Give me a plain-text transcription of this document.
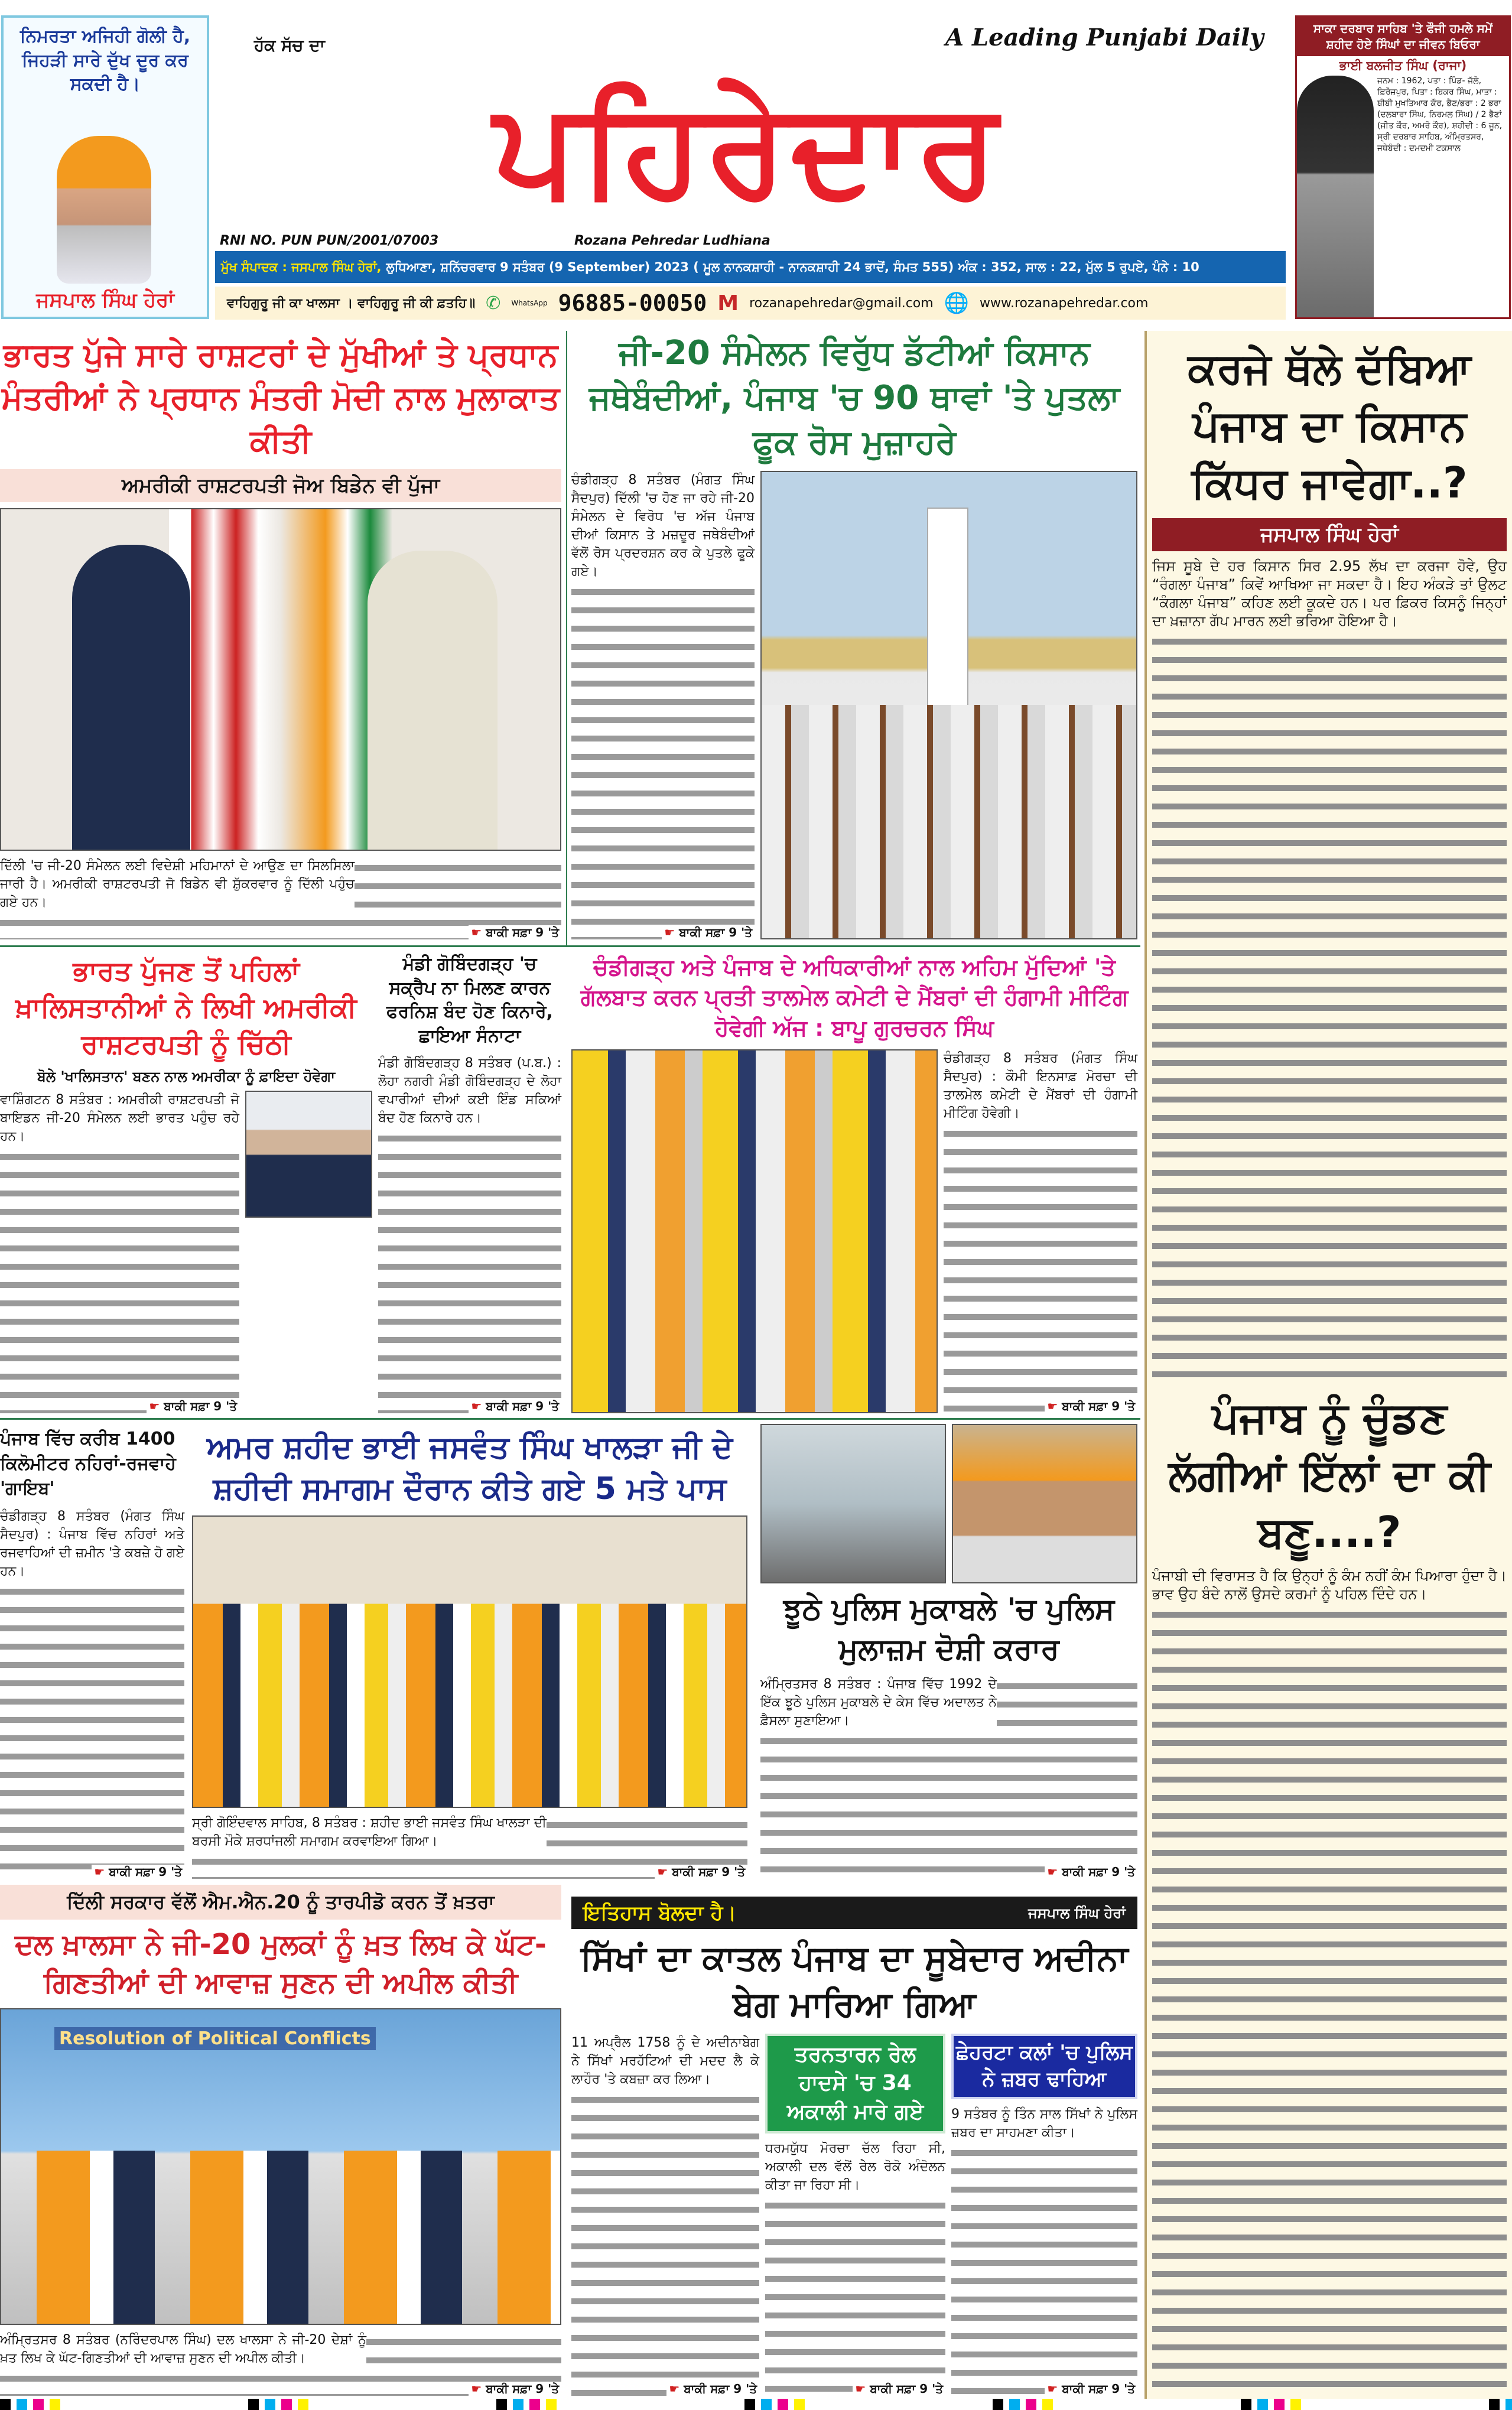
ਨਿਮਰਤਾ ਅਜਿਹੀ ਗੋਲੀ ਹੈ, ਜਿਹੜੀ ਸਾਰੇ ਦੁੱਖ ਦੂਰ ਕਰ ਸਕਦੀ ਹੈ।
ਜਸਪਾਲ ਸਿੰਘ ਹੇਰਾਂ
ਹੱਕ ਸੱਚ ਦਾ	A Leading Punjabi Daily
ਪਹਿਰੇਦਾਰ
RNI NO. PUN PUN/2001/07003	Rozana Pehredar Ludhiana
ਮੁੱਖ ਸੰਪਾਦਕ : ਜਸਪਾਲ ਸਿੰਘ ਹੇਰਾਂ, ਲੁਧਿਆਣਾ, ਸ਼ਨਿੱਚਰਵਾਰ 9 ਸਤੰਬਰ (9 September) 2023 ( ਮੂਲ ਨਾਨਕਸ਼ਾਹੀ - ਨਾਨਕਸ਼ਾਹੀ 24 ਭਾਦੋਂ, ਸੰਮਤ 555) ਅੰਕ : 352, ਸਾਲ : 22, ਮੁੱਲ 5 ਰੁਪਏ, ਪੰਨੇ : 10
ਵਾਹਿਗੁਰੂ ਜੀ ਕਾ ਖਾਲਸਾ । ਵਾਹਿਗੁਰੂ ਜੀ ਕੀ ਫ਼ਤਹਿ॥ ✆ WhatsApp 96885-00050 M rozanapehredar@gmail.com 🌐 www.rozanapehredar.com
ਸਾਕਾ ਦਰਬਾਰ ਸਾਹਿਬ 'ਤੇ ਫੌਜੀ ਹਮਲੇ ਸਮੇਂ ਸ਼ਹੀਦ ਹੋਏ ਸਿੰਘਾਂ ਦਾ ਜੀਵਨ ਬਿਓਰਾ
ਭਾਈ ਬਲਜੀਤ ਸਿੰਘ (ਰਾਜਾ)
ਜਨਮ : 1962, ਪਤਾ : ਪਿੰਡ- ਜੱਲੋ, ਫ਼ਿਰੋਜ਼ਪੁਰ, ਪਿਤਾ : ਬਿਕਰ ਸਿੰਘ, ਮਾਤਾ : ਬੀਬੀ ਮੁਖਤਿਆਰ ਕੌਰ, ਭੈਣ/ਭਰਾ : 2 ਭਰਾ (ਦਲਬਾਰਾ ਸਿੰਘ, ਨਿਰਮਲ ਸਿੰਘ) / 2 ਭੈਣਾਂ (ਜੀਤ ਕੌਰ, ਅਮਰੋ ਕੌਰ), ਸ਼ਹੀਦੀ : 6 ਜੂਨ, ਸ੍ਰੀ ਦਰਬਾਰ ਸਾਹਿਬ, ਅੰਮ੍ਰਿਤਸਰ, ਜਥੇਬੰਦੀ : ਦਮਦਮੀ ਟਕਸਾਲ
ਭਾਰਤ ਪੁੱਜੇ ਸਾਰੇ ਰਾਸ਼ਟਰਾਂ ਦੇ ਮੁੱਖੀਆਂ ਤੇ ਪ੍ਰਧਾਨ ਮੰਤਰੀਆਂ ਨੇ ਪ੍ਰਧਾਨ ਮੰਤਰੀ ਮੋਦੀ ਨਾਲ ਮੁਲਾਕਾਤ ਕੀਤੀ
ਅਮਰੀਕੀ ਰਾਸ਼ਟਰਪਤੀ ਜੋਅ ਬਿਡੇਨ ਵੀ ਪੁੱਜਾ
ਦਿੱਲੀ 'ਚ ਜੀ-20 ਸੰਮੇਲਨ ਲਈ ਵਿਦੇਸ਼ੀ ਮਹਿਮਾਨਾਂ ਦੇ ਆਉਣ ਦਾ ਸਿਲਸਿਲਾ ਜਾਰੀ ਹੈ। ਅਮਰੀਕੀ ਰਾਸ਼ਟਰਪਤੀ ਜੋ ਬਿਡੇਨ ਵੀ ਸ਼ੁੱਕਰਵਾਰ ਨੂੰ ਦਿੱਲੀ ਪਹੁੰਚ ਗਏ ਹਨ।
☛ ਬਾਕੀ ਸਫ਼ਾ 9 'ਤੇ
ਜੀ-20 ਸੰਮੇਲਨ ਵਿਰੁੱਧ ਡੱਟੀਆਂ ਕਿਸਾਨ ਜਥੇਬੰਦੀਆਂ, ਪੰਜਾਬ 'ਚ 90 ਥਾਵਾਂ 'ਤੇ ਪੁਤਲਾ ਫੂਕ ਰੋਸ ਮੁਜ਼ਾਹਰੇ
ਚੰਡੀਗੜ੍ਹ 8 ਸਤੰਬਰ (ਮੰਗਤ ਸਿੰਘ ਸੈਦਪੁਰ) ਦਿੱਲੀ 'ਚ ਹੋਣ ਜਾ ਰਹੇ ਜੀ-20 ਸੰਮੇਲਨ ਦੇ ਵਿਰੋਧ 'ਚ ਅੱਜ ਪੰਜਾਬ ਦੀਆਂ ਕਿਸਾਨ ਤੇ ਮਜ਼ਦੂਰ ਜਥੇਬੰਦੀਆਂ ਵੱਲੋਂ ਰੋਸ ਪ੍ਰਦਰਸ਼ਨ ਕਰ ਕੇ ਪੁਤਲੇ ਫੂਕੇ ਗਏ।
☛ ਬਾਕੀ ਸਫ਼ਾ 9 'ਤੇ
ਕਰਜੇ ਥੱਲੇ ਦੱਬਿਆ ਪੰਜਾਬ ਦਾ ਕਿਸਾਨ ਕਿੱਧਰ ਜਾਵੇਗਾ..?
ਜਸਪਾਲ ਸਿੰਘ ਹੇਰਾਂ
ਜਿਸ ਸੂਬੇ ਦੇ ਹਰ ਕਿਸਾਨ ਸਿਰ 2.95 ਲੱਖ ਦਾ ਕਰਜਾ ਹੋਵੇ, ਉਹ “ਰੰਗਲਾ ਪੰਜਾਬ” ਕਿਵੇਂ ਆਖਿਆ ਜਾ ਸਕਦਾ ਹੈ। ਇਹ ਅੰਕੜੇ ਤਾਂ ਉਲਟ “ਕੰਗਲਾ ਪੰਜਾਬ” ਕਹਿਣ ਲਈ ਕੂਕਦੇ ਹਨ। ਪਰ ਫ਼ਿਕਰ ਕਿਸਨੂੰ ਜਿਨ੍ਹਾਂ ਦਾ ਖ਼ਜ਼ਾਨਾ ਗੱਪ ਮਾਰਨ ਲਈ ਭਰਿਆ ਹੋਇਆ ਹੈ।
ਪੰਜਾਬ ਨੂੰ ਚੂੰਡਣ ਲੱਗੀਆਂ ਇੱਲਾਂ ਦਾ ਕੀ ਬਣੂ....?
ਪੰਜਾਬੀ ਦੀ ਵਿਰਾਸਤ ਹੈ ਕਿ ਉਨ੍ਹਾਂ ਨੂੰ ਕੰਮ ਨਹੀਂ ਕੰਮ ਪਿਆਰਾ ਹੁੰਦਾ ਹੈ। ਭਾਵ ਉਹ ਬੰਦੇ ਨਾਲੋਂ ਉਸਦੇ ਕਰਮਾਂ ਨੂੰ ਪਹਿਲ ਦਿੰਦੇ ਹਨ।
ਭਾਰਤ ਪੁੱਜਣ ਤੋਂ ਪਹਿਲਾਂ ਖ਼ਾਲਿਸਤਾਨੀਆਂ ਨੇ ਲਿਖੀ ਅਮਰੀਕੀ ਰਾਸ਼ਟਰਪਤੀ ਨੂੰ ਚਿੱਠੀ
ਬੋਲੇ 'ਖਾਲਿਸਤਾਨ' ਬਣਨ ਨਾਲ ਅਮਰੀਕਾ ਨੂੰ ਫ਼ਾਇਦਾ ਹੋਵੇਗਾ
ਵਾਸ਼ਿੰਗਟਨ 8 ਸਤੰਬਰ : ਅਮਰੀਕੀ ਰਾਸ਼ਟਰਪਤੀ ਜੋ ਬਾਇਡਨ ਜੀ-20 ਸੰਮੇਲਨ ਲਈ ਭਾਰਤ ਪਹੁੰਚ ਰਹੇ ਹਨ।
☛ ਬਾਕੀ ਸਫ਼ਾ 9 'ਤੇ
ਮੰਡੀ ਗੋਬਿੰਦਗੜ੍ਹ 'ਚ ਸਕ੍ਰੈਪ ਨਾ ਮਿਲਣ ਕਾਰਨ ਫਰਨਿਸ਼ ਬੰਦ ਹੋਣ ਕਿਨਾਰੇ, ਛਾਇਆ ਸੰਨਾਟਾ
ਮੰਡੀ ਗੋਬਿੰਦਗੜ੍ਹ 8 ਸਤੰਬਰ (ਪ.ਬ.) : ਲੋਹਾ ਨਗਰੀ ਮੰਡੀ ਗੋਬਿੰਦਗੜ੍ਹ ਦੇ ਲੋਹਾ ਵਪਾਰੀਆਂ ਦੀਆਂ ਕਈ ਇੰਡ ਸਕਿਆਂ ਬੰਦ ਹੋਣ ਕਿਨਾਰੇ ਹਨ।
☛ ਬਾਕੀ ਸਫ਼ਾ 9 'ਤੇ
ਚੰਡੀਗੜ੍ਹ ਅਤੇ ਪੰਜਾਬ ਦੇ ਅਧਿਕਾਰੀਆਂ ਨਾਲ ਅਹਿਮ ਮੁੱਦਿਆਂ 'ਤੇ ਗੱਲਬਾਤ ਕਰਨ ਪ੍ਰਤੀ ਤਾਲਮੇਲ ਕਮੇਟੀ ਦੇ ਮੈਂਬਰਾਂ ਦੀ ਹੰਗਾਮੀ ਮੀਟਿੰਗ ਹੋਵੇਗੀ ਅੱਜ : ਬਾਪੂ ਗੁਰਚਰਨ ਸਿੰਘ
ਚੰਡੀਗੜ੍ਹ 8 ਸਤੰਬਰ (ਮੰਗਤ ਸਿੰਘ ਸੈਦਪੁਰ) : ਕੌਮੀ ਇਨਸਾਫ਼ ਮੋਰਚਾ ਦੀ ਤਾਲਮੇਲ ਕਮੇਟੀ ਦੇ ਮੈਂਬਰਾਂ ਦੀ ਹੰਗਾਮੀ ਮੀਟਿੰਗ ਹੋਵੇਗੀ।
☛ ਬਾਕੀ ਸਫ਼ਾ 9 'ਤੇ
ਪੰਜਾਬ ਵਿੱਚ ਕਰੀਬ 1400 ਕਿਲੋਮੀਟਰ ਨਹਿਰਾਂ-ਰਜਵਾਹੇ 'ਗਾਇਬ'
ਚੰਡੀਗੜ੍ਹ 8 ਸਤੰਬਰ (ਮੰਗਤ ਸਿੰਘ ਸੈਦਪੁਰ) : ਪੰਜਾਬ ਵਿੱਚ ਨਹਿਰਾਂ ਅਤੇ ਰਜਵਾਹਿਆਂ ਦੀ ਜ਼ਮੀਨ 'ਤੇ ਕਬਜ਼ੇ ਹੋ ਗਏ ਹਨ।
☛ ਬਾਕੀ ਸਫ਼ਾ 9 'ਤੇ
ਅਮਰ ਸ਼ਹੀਦ ਭਾਈ ਜਸਵੰਤ ਸਿੰਘ ਖਾਲੜਾ ਜੀ ਦੇ ਸ਼ਹੀਦੀ ਸਮਾਗਮ ਦੌਰਾਨ ਕੀਤੇ ਗਏ 5 ਮਤੇ ਪਾਸ
ਸ੍ਰੀ ਗੋਇੰਦਵਾਲ ਸਾਹਿਬ, 8 ਸਤੰਬਰ : ਸ਼ਹੀਦ ਭਾਈ ਜਸਵੰਤ ਸਿੰਘ ਖਾਲੜਾ ਦੀ ਬਰਸੀ ਮੌਕੇ ਸ਼ਰਧਾਂਜਲੀ ਸਮਾਗਮ ਕਰਵਾਇਆ ਗਿਆ।
☛ ਬਾਕੀ ਸਫ਼ਾ 9 'ਤੇ
ਝੂਠੇ ਪੁਲਿਸ ਮੁਕਾਬਲੇ 'ਚ ਪੁਲਿਸ ਮੁਲਾਜ਼ਮ ਦੋਸ਼ੀ ਕਰਾਰ
ਅੰਮ੍ਰਿਤਸਰ 8 ਸਤੰਬਰ : ਪੰਜਾਬ ਵਿੱਚ 1992 ਦੇ ਇੱਕ ਝੂਠੇ ਪੁਲਿਸ ਮੁਕਾਬਲੇ ਦੇ ਕੇਸ ਵਿੱਚ ਅਦਾਲਤ ਨੇ ਫ਼ੈਸਲਾ ਸੁਣਾਇਆ।
☛ ਬਾਕੀ ਸਫ਼ਾ 9 'ਤੇ
ਦਿੱਲੀ ਸਰਕਾਰ ਵੱਲੋਂ ਐਮ.ਐਨ.20 ਨੂੰ ਤਾਰਪੀਡੋ ਕਰਨ ਤੋਂ ਖ਼ਤਰਾ
ਦਲ ਖ਼ਾਲਸਾ ਨੇ ਜੀ-20 ਮੁਲਕਾਂ ਨੂੰ ਖ਼ਤ ਲਿਖ ਕੇ ਘੱਟ-ਗਿਣਤੀਆਂ ਦੀ ਆਵਾਜ਼ ਸੁਣਨ ਦੀ ਅਪੀਲ ਕੀਤੀ
Resolution of Political Conflicts
ਅੰਮ੍ਰਿਤਸਰ 8 ਸਤੰਬਰ (ਨਰਿੰਦਰਪਾਲ ਸਿੰਘ) ਦਲ ਖਾਲਸਾ ਨੇ ਜੀ-20 ਦੇਸ਼ਾਂ ਨੂੰ ਖ਼ਤ ਲਿਖ ਕੇ ਘੱਟ-ਗਿਣਤੀਆਂ ਦੀ ਆਵਾਜ਼ ਸੁਣਨ ਦੀ ਅਪੀਲ ਕੀਤੀ।
☛ ਬਾਕੀ ਸਫ਼ਾ 9 'ਤੇ
ਇਤਿਹਾਸ ਬੋਲਦਾ ਹੈ।	ਜਸਪਾਲ ਸਿੰਘ ਹੇਰਾਂ
ਸਿੱਖਾਂ ਦਾ ਕਾਤਲ ਪੰਜਾਬ ਦਾ ਸੂਬੇਦਾਰ ਅਦੀਨਾ ਬੇਗ ਮਾਰਿਆ ਗਿਆ
11 ਅਪ੍ਰੈਲ 1758 ਨੂੰ ਦੇ ਅਦੀਨਾਬੇਗ ਨੇ ਸਿੱਖਾਂ ਮਰਹੱਟਿਆਂ ਦੀ ਮਦਦ ਲੈ ਕੇ ਲਾਹੌਰ 'ਤੇ ਕਬਜ਼ਾ ਕਰ ਲਿਆ।
☛ ਬਾਕੀ ਸਫ਼ਾ 9 'ਤੇ
ਤਰਨਤਾਰਨ ਰੇਲ ਹਾਦਸੇ 'ਚ 34 ਅਕਾਲੀ ਮਾਰੇ ਗਏ
ਧਰਮਯੁੱਧ ਮੋਰਚਾ ਚੱਲ ਰਿਹਾ ਸੀ, ਅਕਾਲੀ ਦਲ ਵੱਲੋਂ ਰੇਲ ਰੋਕੋ ਅੰਦੋਲਨ ਕੀਤਾ ਜਾ ਰਿਹਾ ਸੀ।
☛ ਬਾਕੀ ਸਫ਼ਾ 9 'ਤੇ
ਛੇਹਰਟਾ ਕਲਾਂ 'ਚ ਪੁਲਿਸ ਨੇ ਜ਼ਬਰ ਢਾਹਿਆ
9 ਸਤੰਬਰ ਨੂੰ ਤਿੰਨ ਸਾਲ ਸਿੱਖਾਂ ਨੇ ਪੁਲਿਸ ਜ਼ਬਰ ਦਾ ਸਾਹਮਣਾ ਕੀਤਾ।
☛ ਬਾਕੀ ਸਫ਼ਾ 9 'ਤੇ
